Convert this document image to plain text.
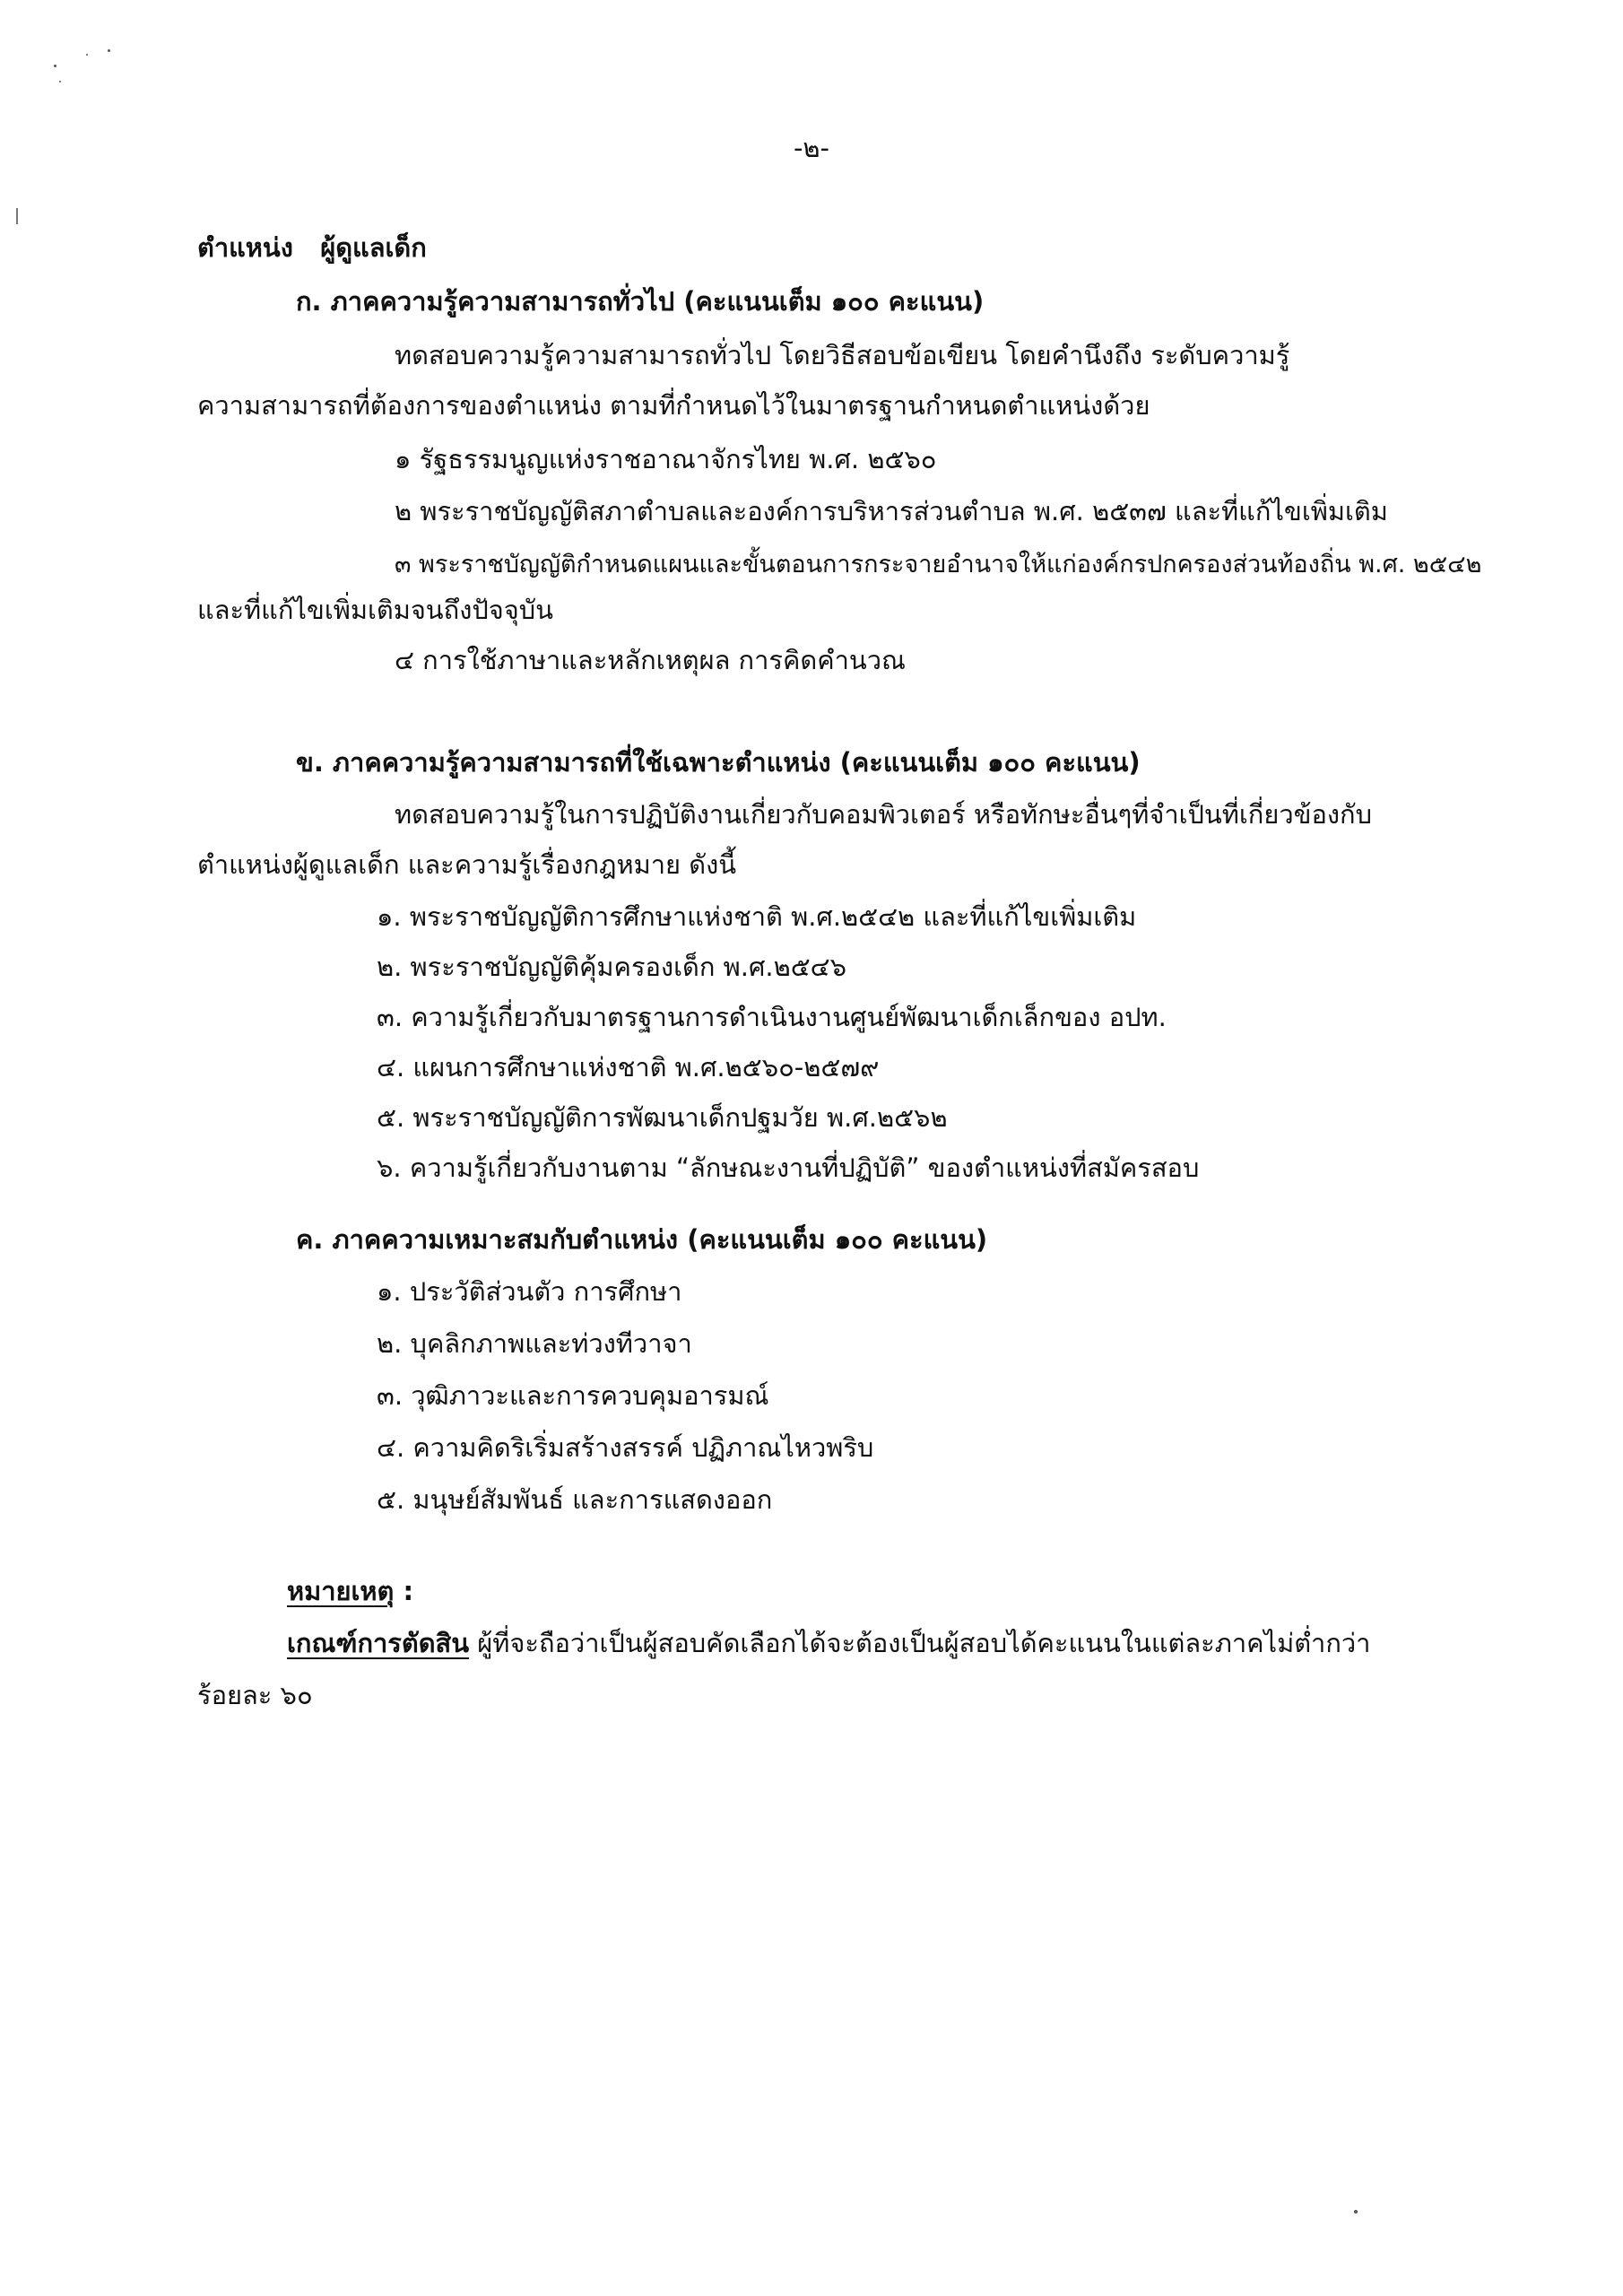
-๒-
ตำแหน่ง ผู้ดูแลเด็ก
ก. ภาคความรู้ความสามารถทั่วไป (คะแนนเต็ม ๑๐๐ คะแนน)
ทดสอบความรู้ความสามารถทั่วไป โดยวิธีสอบข้อเขียน โดยคำนึงถึง ระดับความรู้
ความสามารถที่ต้องการของตำแหน่ง ตามที่กำหนดไว้ในมาตรฐานกำหนดตำแหน่งด้วย
๑ รัฐธรรมนูญแห่งราชอาณาจักรไทย พ.ศ. ๒๕๖๐
๒ พระราชบัญญัติสภาตำบลและองค์การบริหารส่วนตำบล พ.ศ. ๒๕๓๗ และที่แก้ไขเพิ่มเติม
๓ พระราชบัญญัติกำหนดแผนและขั้นตอนการกระจายอำนาจให้แก่องค์กรปกครองส่วนท้องถิ่น พ.ศ. ๒๕๔๒
และที่แก้ไขเพิ่มเติมจนถึงปัจจุบัน
๔ การใช้ภาษาและหลักเหตุผล การคิดคำนวณ
ข. ภาคความรู้ความสามารถที่ใช้เฉพาะตำแหน่ง (คะแนนเต็ม ๑๐๐ คะแนน)
ทดสอบความรู้ในการปฏิบัติงานเกี่ยวกับคอมพิวเตอร์ หรือทักษะอื่นๆที่จำเป็นที่เกี่ยวข้องกับ
ตำแหน่งผู้ดูแลเด็ก และความรู้เรื่องกฎหมาย ดังนี้
๑. พระราชบัญญัติการศึกษาแห่งชาติ พ.ศ.๒๕๔๒ และที่แก้ไขเพิ่มเติม
๒. พระราชบัญญัติคุ้มครองเด็ก พ.ศ.๒๕๔๖
๓. ความรู้เกี่ยวกับมาตรฐานการดำเนินงานศูนย์พัฒนาเด็กเล็กของ อปท.
๔. แผนการศึกษาแห่งชาติ พ.ศ.๒๕๖๐-๒๕๗๙
๕. พระราชบัญญัติการพัฒนาเด็กปฐมวัย พ.ศ.๒๕๖๒
๖. ความรู้เกี่ยวกับงานตาม “ลักษณะงานที่ปฏิบัติ” ของตำแหน่งที่สมัครสอบ
ค. ภาคความเหมาะสมกับตำแหน่ง (คะแนนเต็ม ๑๐๐ คะแนน)
๑. ประวัติส่วนตัว การศึกษา
๒. บุคลิกภาพและท่วงทีวาจา
๓. วุฒิภาวะและการควบคุมอารมณ์
๔. ความคิดริเริ่มสร้างสรรค์ ปฏิภาณไหวพริบ
๕. มนุษย์สัมพันธ์ และการแสดงออก
หมายเหตุ :
เกณฑ์การตัดสิน ผู้ที่จะถือว่าเป็นผู้สอบคัดเลือกได้จะต้องเป็นผู้สอบได้คะแนนในแต่ละภาคไม่ต่ำกว่า
ร้อยละ ๖๐
